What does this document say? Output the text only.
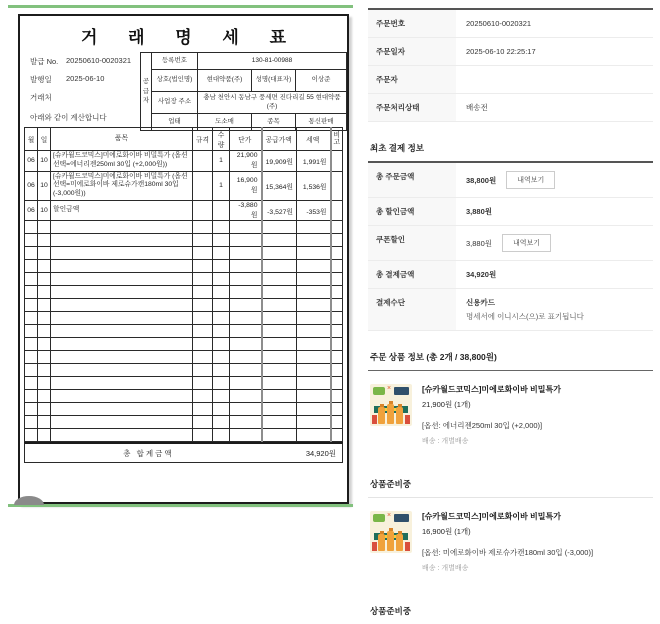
거 래 명 세 표
발급 No.	20250610-0020321
발행일	2025-06-10
거래처
아래와 같이 계산합니다
공급자	등록번호	130-81-00988		
	상호(법인명)	현대약품(주)	성명(대표자)	이상준
	사업장 주소	충남 천안시 동남구 풍세면 진다리길 55 현대약품(주)		
	업태	도소매	종목	통신판매
월	일	품목	규격	수량	단가	공급가액	세액	비고
06	10	[슈카월드코믹스]미에로화이바 비밀특가 (옵션선택=에너리젠250ml 30입 (+2,000원))		1	21,900원	19,909원	1,991원	
06	10	[슈카월드코믹스]미에로화이바 비밀특가 (옵션선택=미에로화이바 제로슈가캔180ml 30입 (-3,000원))		1	16,900원	15,364원	1,536원	
06	10	할인금액			-3,880원	-3,527원	-353원	

총 합계금액	34,920원
주문번호	20250610-0020321
주문일자	2025-06-10 22:25:17
주문자
주문처리상태	배송전
최초 결제 정보
총 주문금액	38,800원	내역보기
총 할인금액	3,880원
쿠폰할인	3,880원	내역보기
총 결제금액	34,920원
결제수단	신용카드
명세서에 이니시스(으)로 표기됩니다
주문 상품 정보 (총 2개 / 38,800원)
×	[슈카월드코믹스]미에로화이바 비밀특가
21,900원 (1개)
[옵션: 에너리젠250ml 30입 (+2,000)]
배송 : 개별배송
상품준비중
×	[슈카월드코믹스]미에로화이바 비밀특가
16,900원 (1개)
[옵션: 미에로화이바 제로슈가캔180ml 30입 (-3,000)]
배송 : 개별배송
상품준비중
